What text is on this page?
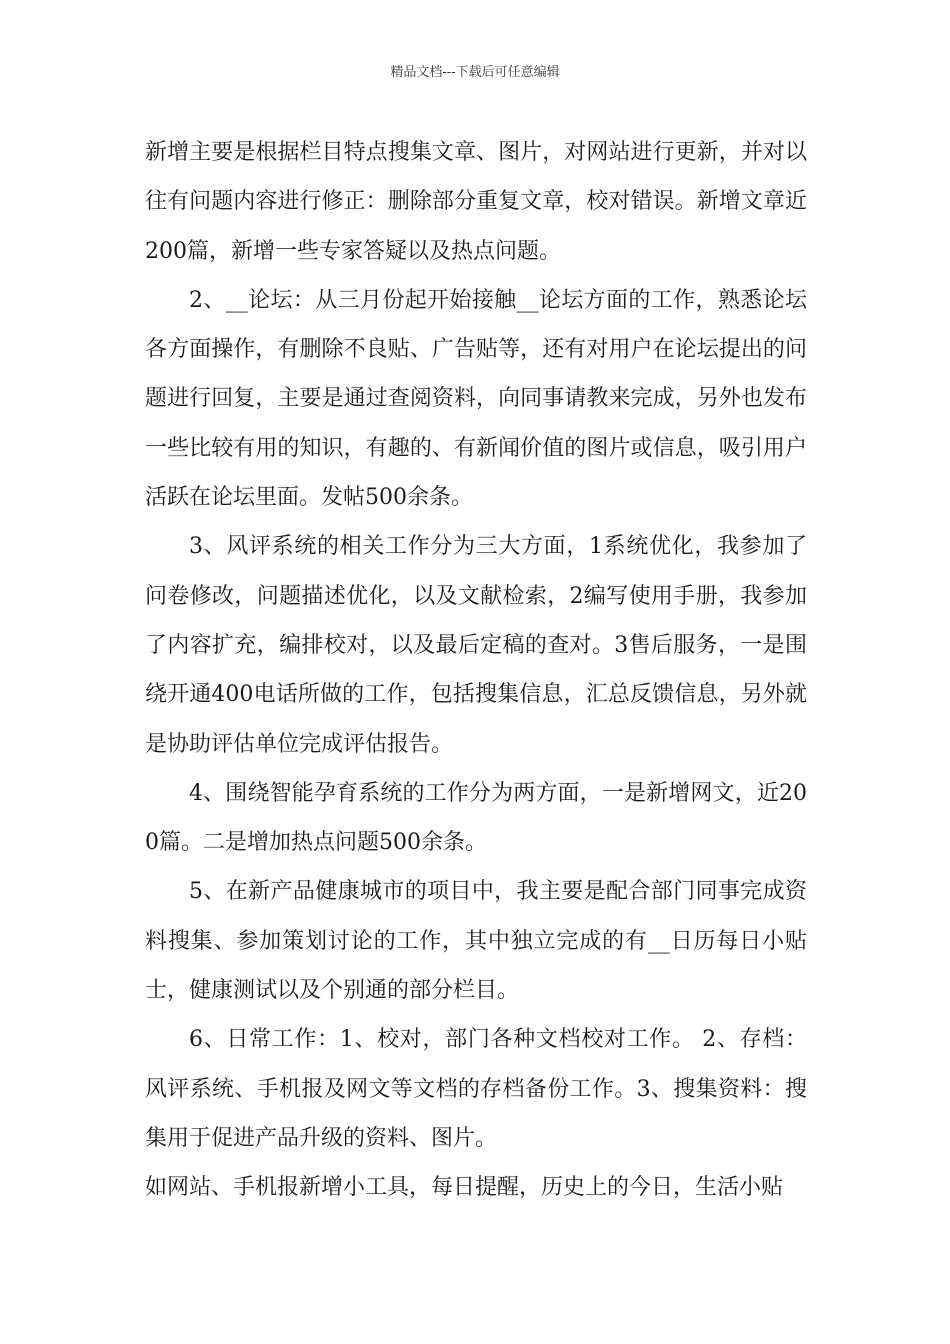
精品文档---下载后可任意编辑

新增主要是根据栏目特点搜集文章、图片，对网站进行更新，并对以往有问题内容进行修正：删除部分重复文章，校对错误。新增文章近200篇，新增一些专家答疑以及热点问题。

2、__论坛：从三月份起开始接触__论坛方面的工作，熟悉论坛各方面操作，有删除不良贴、广告贴等，还有对用户在论坛提出的问题进行回复，主要是通过查阅资料，向同事请教来完成，另外也发布一些比较有用的知识，有趣的、有新闻价值的图片或信息，吸引用户活跃在论坛里面。发帖500余条。

3、风评系统的相关工作分为三大方面，1系统优化，我参加了问卷修改，问题描述优化，以及文献检索，2编写使用手册，我参加了内容扩充，编排校对，以及最后定稿的查对。3售后服务，一是围绕开通400电话所做的工作，包括搜集信息，汇总反馈信息，另外就是协助评估单位完成评估报告。

4、围绕智能孕育系统的工作分为两方面，一是新增网文，近200篇。二是增加热点问题500余条。

5、在新产品健康城市的项目中，我主要是配合部门同事完成资料搜集、参加策划讨论的工作，其中独立完成的有__日历每日小贴士，健康测试以及个别通的部分栏目。

6、日常工作：1、校对，部门各种文档校对工作。 2、存档：风评系统、手机报及网文等文档的存档备份工作。3、搜集资料：搜集用于促进产品升级的资料、图片。

如网站、手机报新增小工具，每日提醒，历史上的今日，生活小贴
